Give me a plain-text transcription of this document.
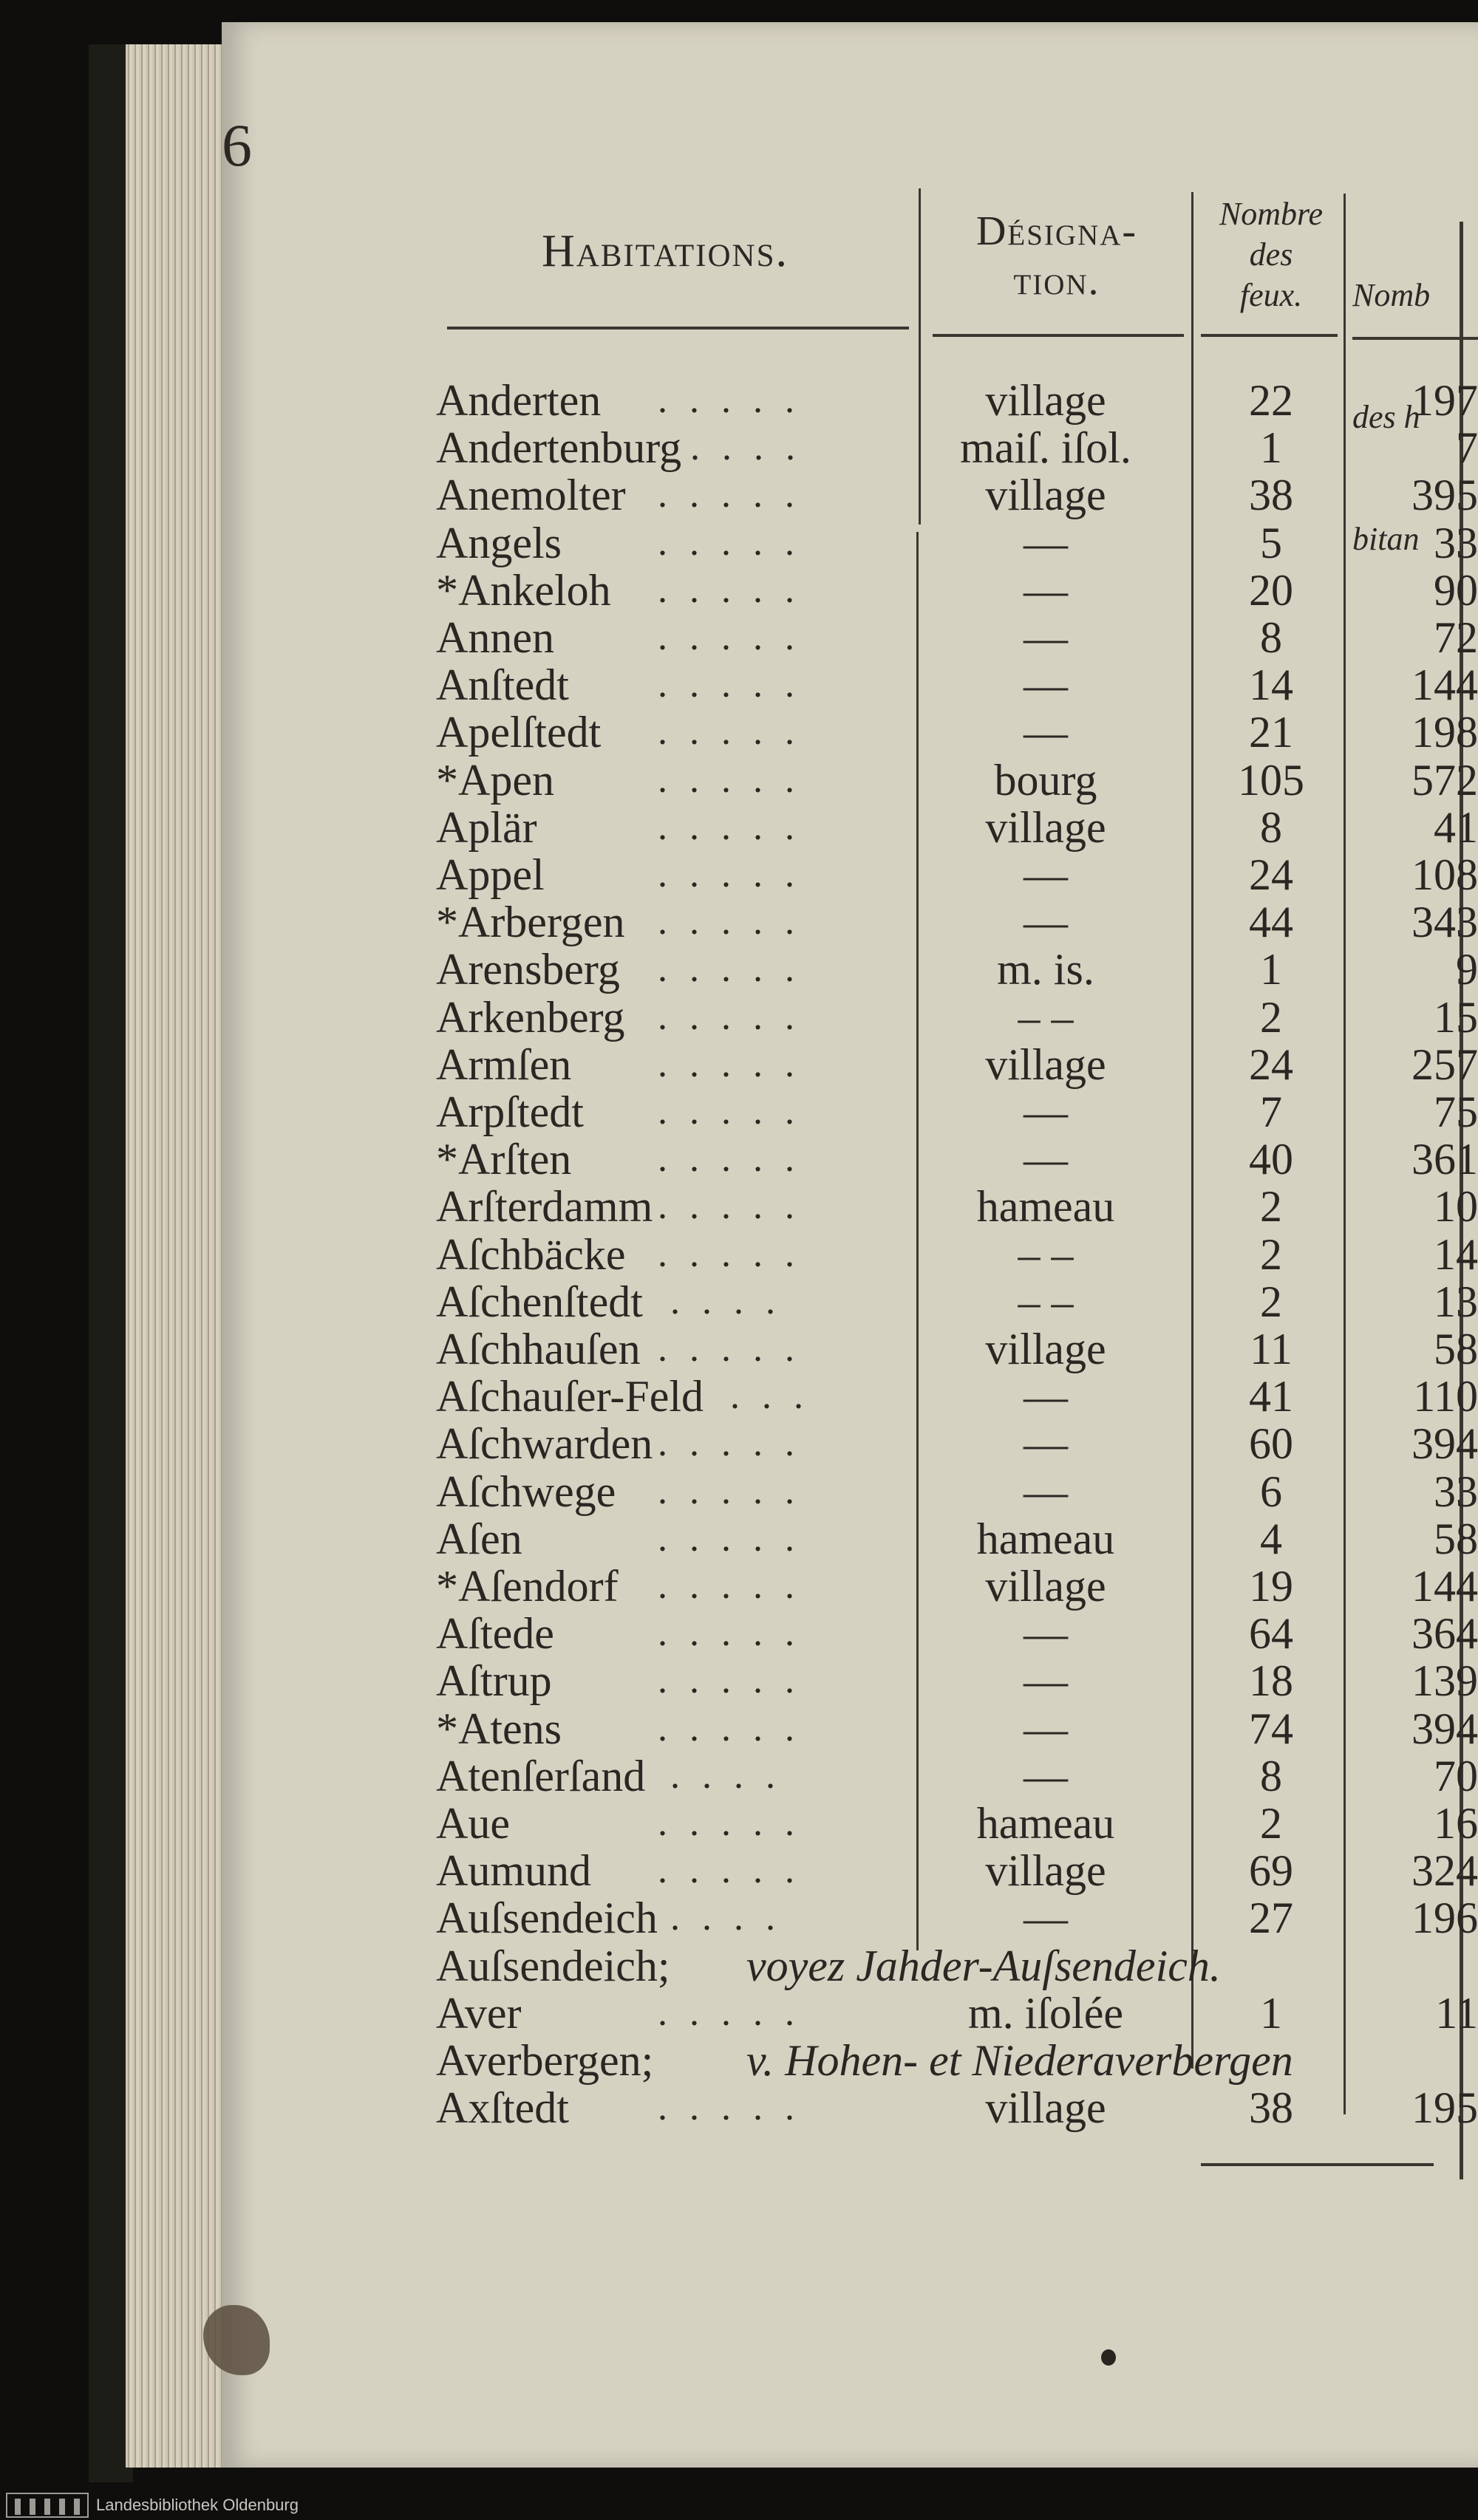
6
Habitations.	Désigna-
tion.
Nombre
des
feux.

	Nomb

des h

bitan

Anderten .....	village	22	197
Andertenburg ....	maiſ. iſol.	1	7
Anemolter .....	village	38	395
Angels	.....	—	5	33
*Ankeloh .....	—	20	90
Annen	.....	—	8	72
Anſtedt .....	—	14	144
Apelſtedt .....	—	21	198
*Apen	.....	bourg	105	572
Aplär	.....	village	8	41
Appel	.....	—	24	108
*Arbergen .....	—	44	343
Arensberg .....	m. is.	1	9
Arkenberg .....	– –	2	15
Armſen .....	village	24	257
Arpſtedt .....	—	7	75
*Arſten .....	—	40	361
Arſterdamm .....	hameau	2	10
Aſchbäcke .....	– –	2	14
Aſchenſtedt ....	– –	2	13
Aſchhauſen .....	village	11	58
Aſchauſer-Feld ...	—	41	110
Aſchwarden .....	—	60	394
Aſchwege .....	—	6	33
Aſen	.....	hameau	4	58
*Aſendorf .....	village	19	144
Aſtede	.....	—	64	364
Aſtrup	.....	—	18	139
*Atens	.....	—	74	394
Atenſerſand ....	—	8	70
Aue	.....	hameau	2	16
Aumund .....	village	69	324
Auſsendeich ....	—	27	196
Auſsendeich; voyez Jahder-Auſsendeich.
Aver	.....	m. iſolée	1	11
Averbergen; v. Hohen- et Niederaverbergen
Axſtedt .....	village	38	195
Landesbibliothek Oldenburg
